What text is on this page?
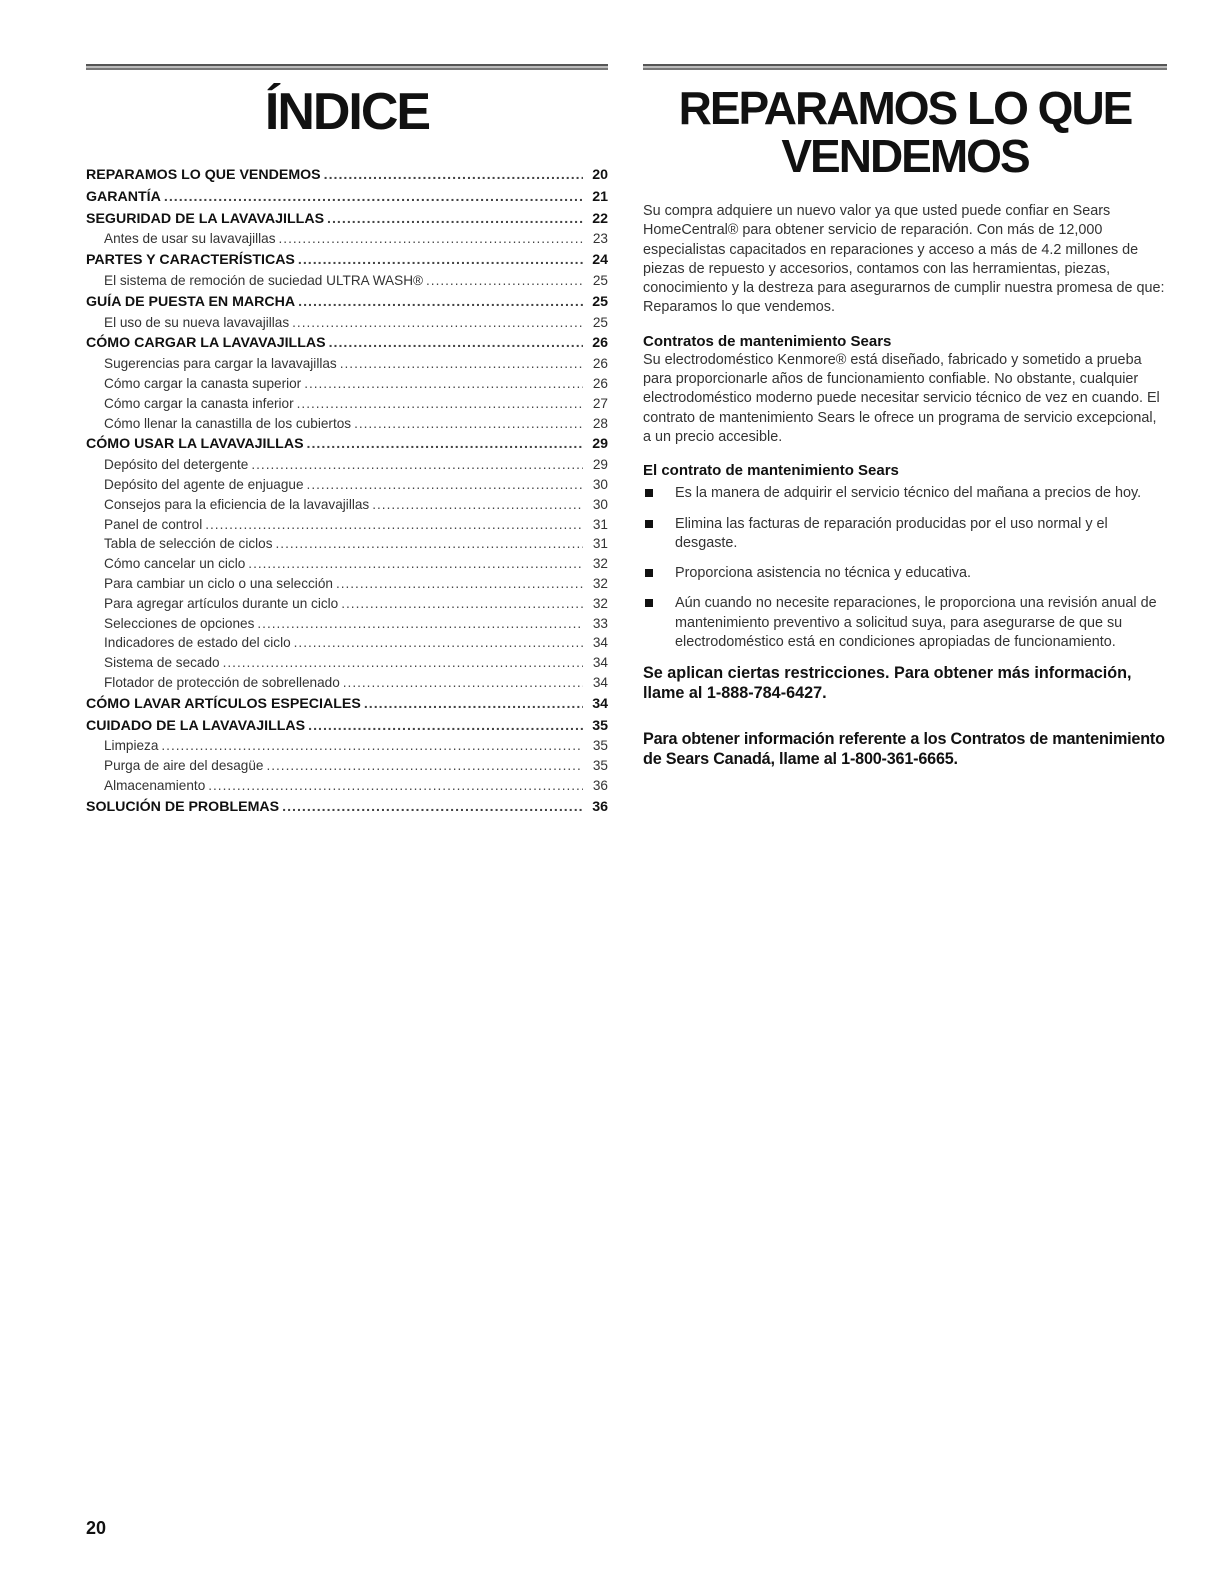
ÍNDICE
REPARAMOS LO QUE VENDEMOS .....	20
GARANTÍA .....	21
SEGURIDAD DE LA LAVAVAJILLAS .....	22
Antes de usar su lavavajillas .....	23
PARTES Y CARACTERÍSTICAS .....	24
El sistema de remoción de suciedad ULTRA WASH® .....	25
GUÍA DE PUESTA EN MARCHA .....	25
El uso de su nueva lavavajillas .....	25
CÓMO CARGAR LA LAVAVAJILLAS .....	26
Sugerencias para cargar la lavavajillas .....	26
Cómo cargar la canasta superior .....	26
Cómo cargar la canasta inferior .....	27
Cómo llenar la canastilla de los cubiertos .....	28
CÓMO USAR LA LAVAVAJILLAS .....	29
Depósito del detergente .....	29
Depósito del agente de enjuague .....	30
Consejos para la eficiencia de la lavavajillas .....	30
Panel de control .....	31
Tabla de selección de ciclos .....	31
Cómo cancelar un ciclo .....	32
Para cambiar un ciclo o una selección .....	32
Para agregar artículos durante un ciclo .....	32
Selecciones de opciones .....	33
Indicadores de estado del ciclo .....	34
Sistema de secado .....	34
Flotador de protección de sobrellenado .....	34
CÓMO LAVAR ARTÍCULOS ESPECIALES .....	34
CUIDADO DE LA LAVAVAJILLAS .....	35
Limpieza .....	35
Purga de aire del desagüe .....	35
Almacenamiento .....	36
SOLUCIÓN DE PROBLEMAS .....	36
REPARAMOS LO QUE
VENDEMOS

Su compra adquiere un nuevo valor ya que usted puede confiar en Sears HomeCentral® para obtener servicio de reparación. Con más de 12,000 especialistas capacitados en reparaciones y acceso a más de 4.2 millones de piezas de repuesto y accesorios, contamos con las herramientas, piezas, conocimiento y la destreza para asegurarnos de cumplir nuestra promesa de que: Reparamos lo que vendemos.

Contratos de mantenimiento Sears

Su electrodoméstico Kenmore® está diseñado, fabricado y sometido a prueba para proporcionarle años de funcionamiento confiable. No obstante, cualquier electrodoméstico moderno puede necesitar servicio técnico de vez en cuando. El contrato de mantenimiento Sears le ofrece un programa de servicio excepcional, a un precio accesible.

El contrato de mantenimiento Sears
Es la manera de adquirir el servicio técnico del mañana a precios de hoy.
Elimina las facturas de reparación producidas por el uso normal y el desgaste.
Proporciona asistencia no técnica y educativa.
Aún cuando no necesite reparaciones, le proporciona una revisión anual de mantenimiento preventivo a solicitud suya, para asegurarse de que su electrodoméstico está en condiciones apropiadas de funcionamiento.

Se aplican ciertas restricciones. Para obtener más información, llame al 1-888-784-6427.

Para obtener información referente a los Contratos de mantenimiento de Sears Canadá, llame al 1-800-361-6665.

20
